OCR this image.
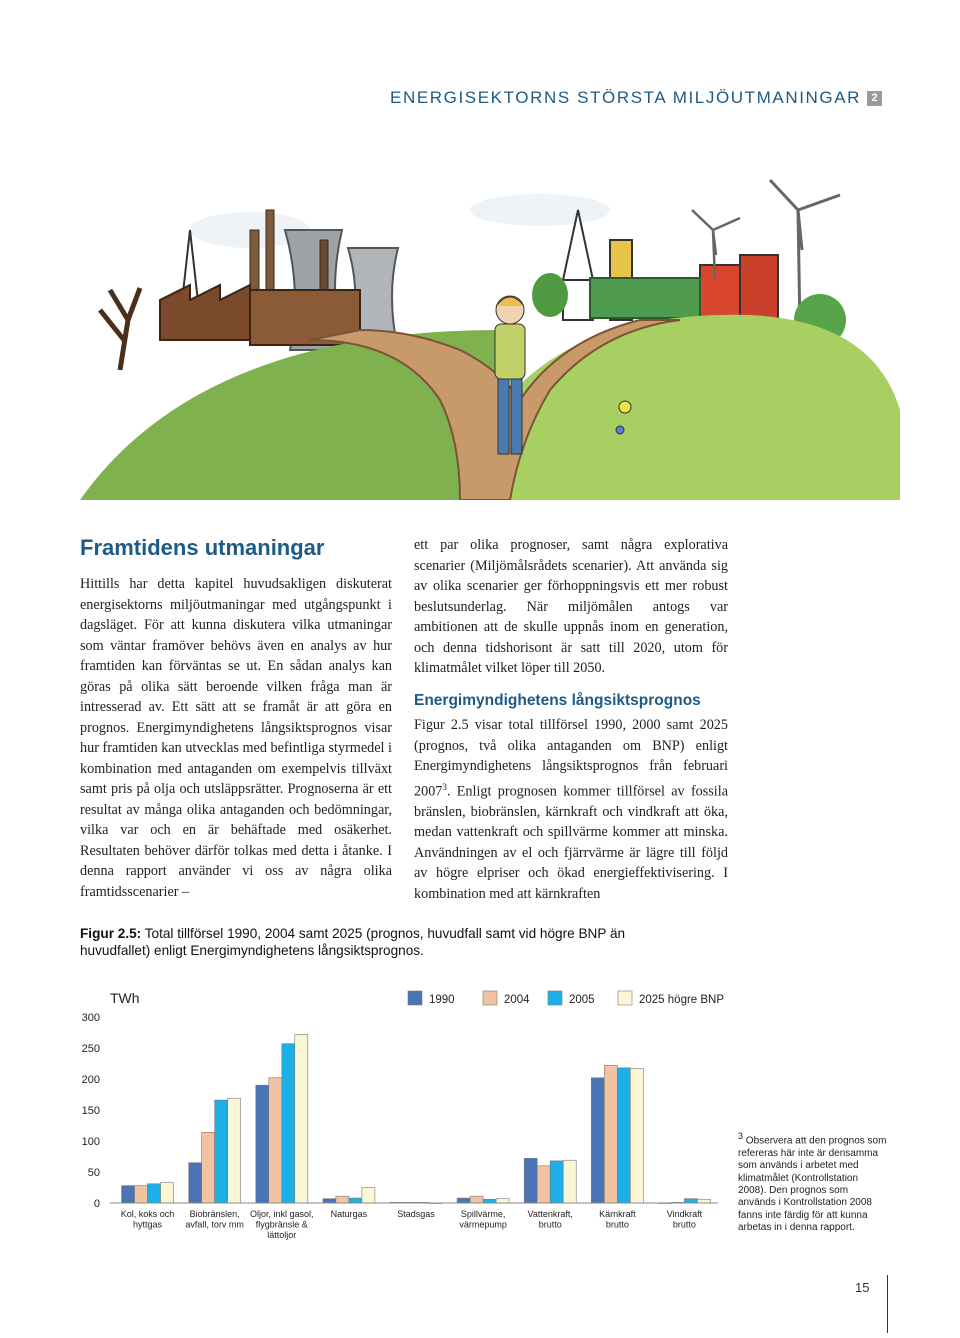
ENERGISEKTORNS STÖRSTA MILJÖUTMANINGAR 2
Framtidens utmaningar

Hittills har detta kapitel huvudsakligen diskuterat energisektorns miljöutmaningar med utgångspunkt i dagsläget. För att kunna diskutera vilka utmaningar som väntar framöver behövs även en analys av hur framtiden kan förväntas se ut. En sådan analys kan göras på olika sätt beroende vilken fråga man är intresserad av. Ett sätt att se framåt är att göra en prognos. Energimyndighetens långsiktsprognos visar hur framtiden kan utvecklas med befintliga styrmedel i kombination med antaganden om exempelvis tillväxt samt pris på olja och utsläppsrätter. Prognoserna är ett resultat av många olika antaganden och bedömningar, vilka var och en är behäftade med osäkerhet. Resultaten behöver därför tolkas med detta i åtanke. I denna rapport använder vi oss av några olika framtidsscenarier –

ett par olika prognoser, samt några explorativa scenarier (Miljömålsrådets scenarier). Att använda sig av olika scenarier ger förhoppningsvis ett mer robust beslutsunderlag. När miljömålen antogs var ambitionen att de skulle uppnås inom en generation, och denna tidshorisont är satt till 2020, utom för klimatmålet vilket löper till 2050.

Energimyndighetens långsiktsprognos

Figur 2.5 visar total tillförsel 1990, 2000 samt 2025 (prognos, två olika antaganden om BNP) enligt Energimyndighetens långsiktsprognos från februari 2007$^3$. Enligt prognosen kommer tillförsel av fossila bränslen, biobränslen, kärnkraft och vindkraft att öka, medan vattenkraft och spillvärme kommer att minska. Användningen av el och fjärrvärme är lägre till följd av högre elpriser och ökad energieffektivisering. I kombination med att kärnkraften

Figur 2.5: Total tillförsel 1990, 2004 samt 2025 (prognos, huvudfall samt vid högre BNP än huvudfallet) enligt Energimyndighetens långsiktsprognos.
TWh
0
50
100
150
200
250
300
Kol, koks och hyttgas
Biobränslen, avfall, torv mm
Oljor, inkl gasol, flygbränsle & lättoljor
Naturgas	Stadsgas	Spillvärme, värmepump
Vattenkraft, brutto
Kärnkraft brutto
Vindkraft brutto
1990	2004	2005	2025 högre BNP
$^3$ Observera att den prognos som refereras här inte är densamma som används i arbetet med klimatmålet (Kontrollstation 2008). Den prognos som används i Kontrollstation 2008 fanns inte färdig för att kunna arbetas in i denna rapport.
15
